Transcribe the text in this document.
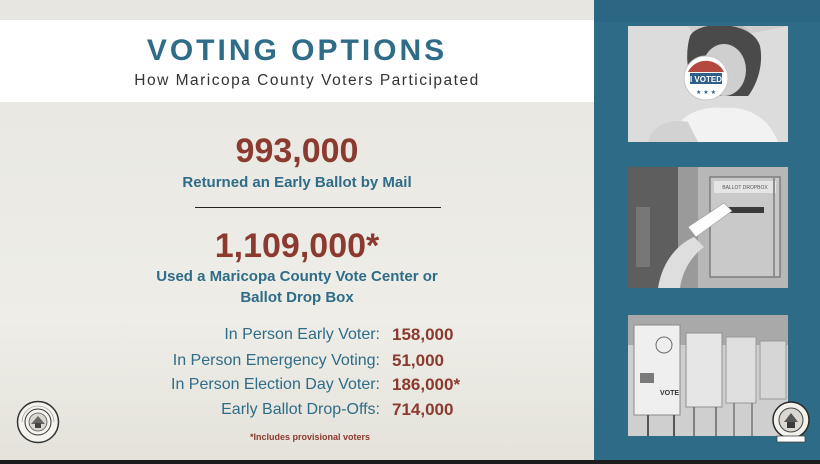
VOTING OPTIONS
How Maricopa County Voters Participated
993,000
Returned an Early Ballot by Mail
1,109,000*
Used a Maricopa County Vote Center or
Ballot Drop Box
In Person Early Voter: 158,000
In Person Emergency Voting: 51,000
In Person Election Day Voter: 186,000*
Early Ballot Drop-Offs: 714,000
*Includes provisional voters
I VOTED
★ ★ ★
BALLOT DROPBOX
VOTE
